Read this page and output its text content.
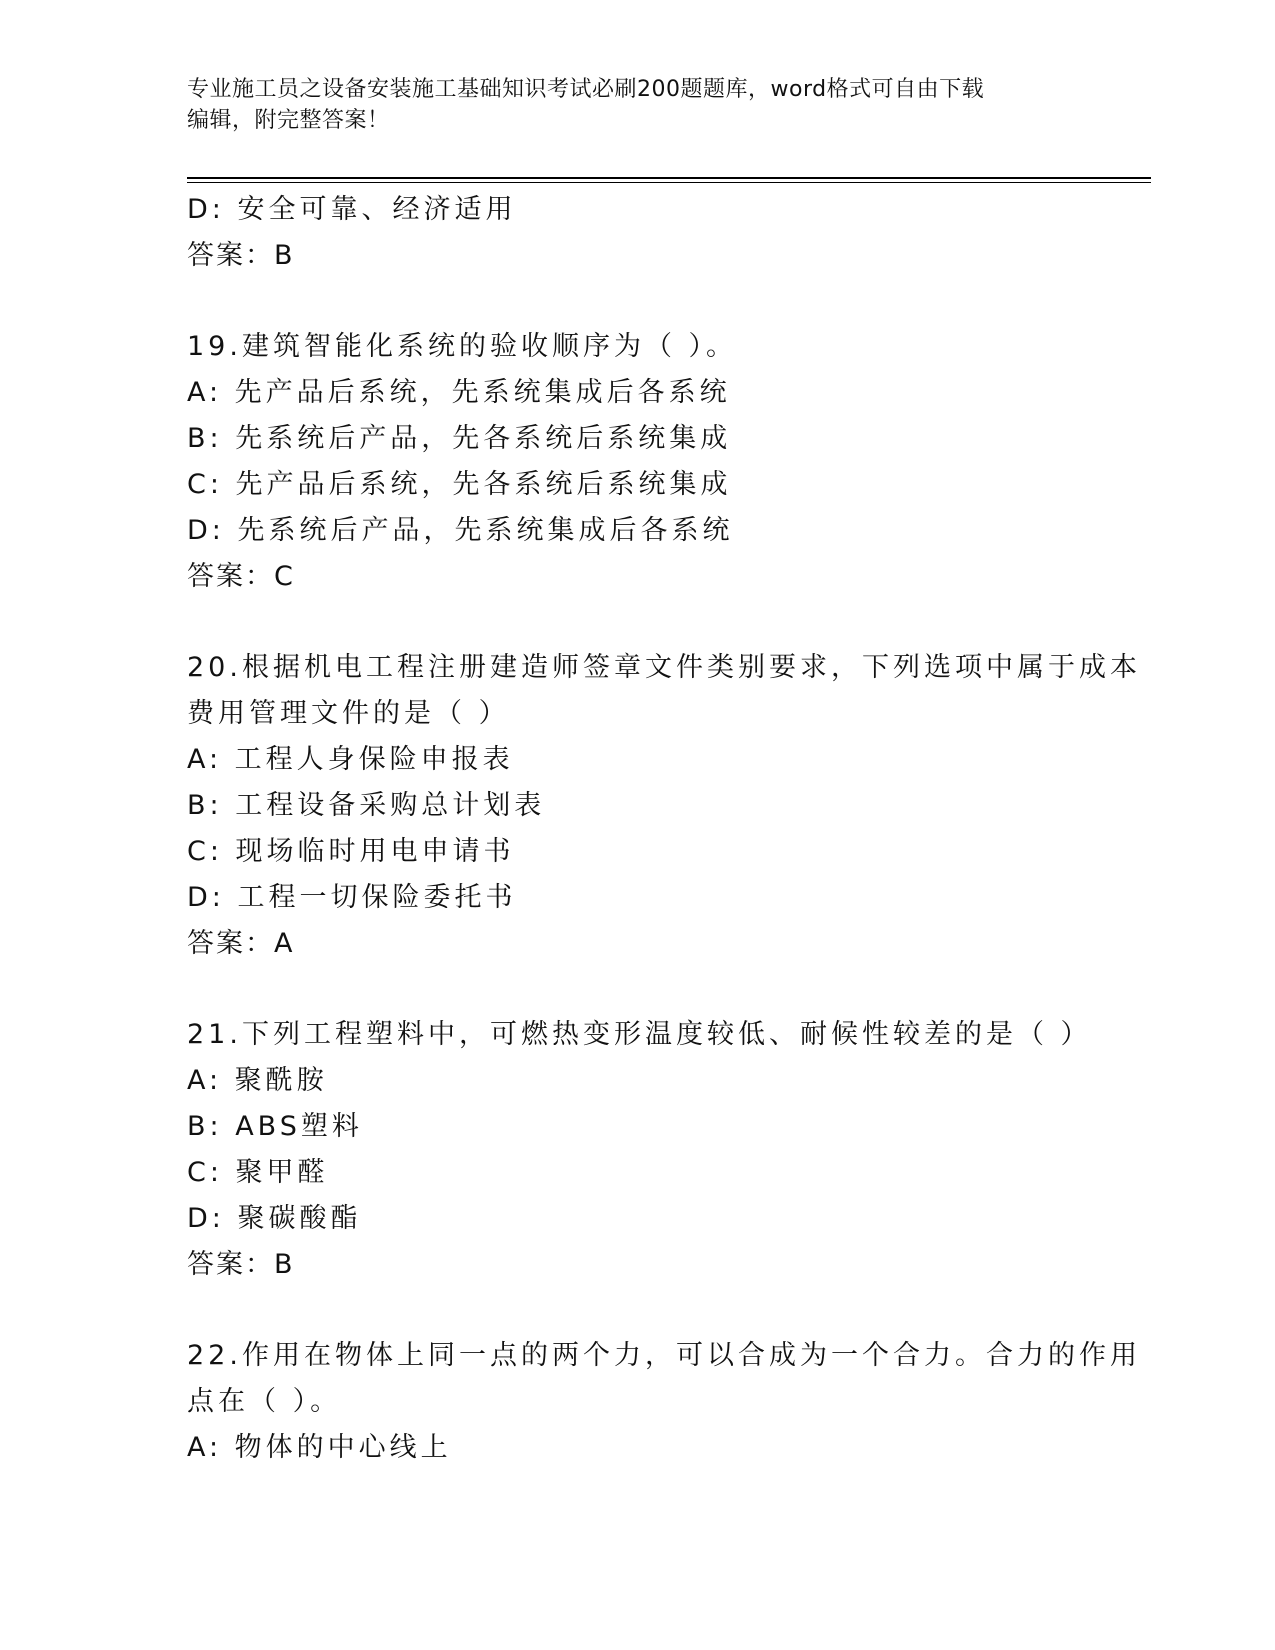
专业施工员之设备安装施工基础知识考试必刷200题题库，word格式可自由下载
编辑，附完整答案！
D: 安全可靠、经济适用
答案：B
19.建筑智能化系统的验收顺序为（ ）。
A: 先产品后系统，先系统集成后各系统
B: 先系统后产品，先各系统后系统集成
C: 先产品后系统，先各系统后系统集成
D: 先系统后产品，先系统集成后各系统
答案：C
20.根据机电工程注册建造师签章文件类别要求，下列选项中属于成本
费用管理文件的是（ ）
A: 工程人身保险申报表
B: 工程设备采购总计划表
C: 现场临时用电申请书
D: 工程一切保险委托书
答案：A
21.下列工程塑料中，可燃热变形温度较低、耐候性较差的是（ ）
A: 聚酰胺
B: ABS塑料
C: 聚甲醛
D: 聚碳酸酯
答案：B
22.作用在物体上同一点的两个力，可以合成为一个合力。合力的作用
点在（ ）。
A: 物体的中心线上
